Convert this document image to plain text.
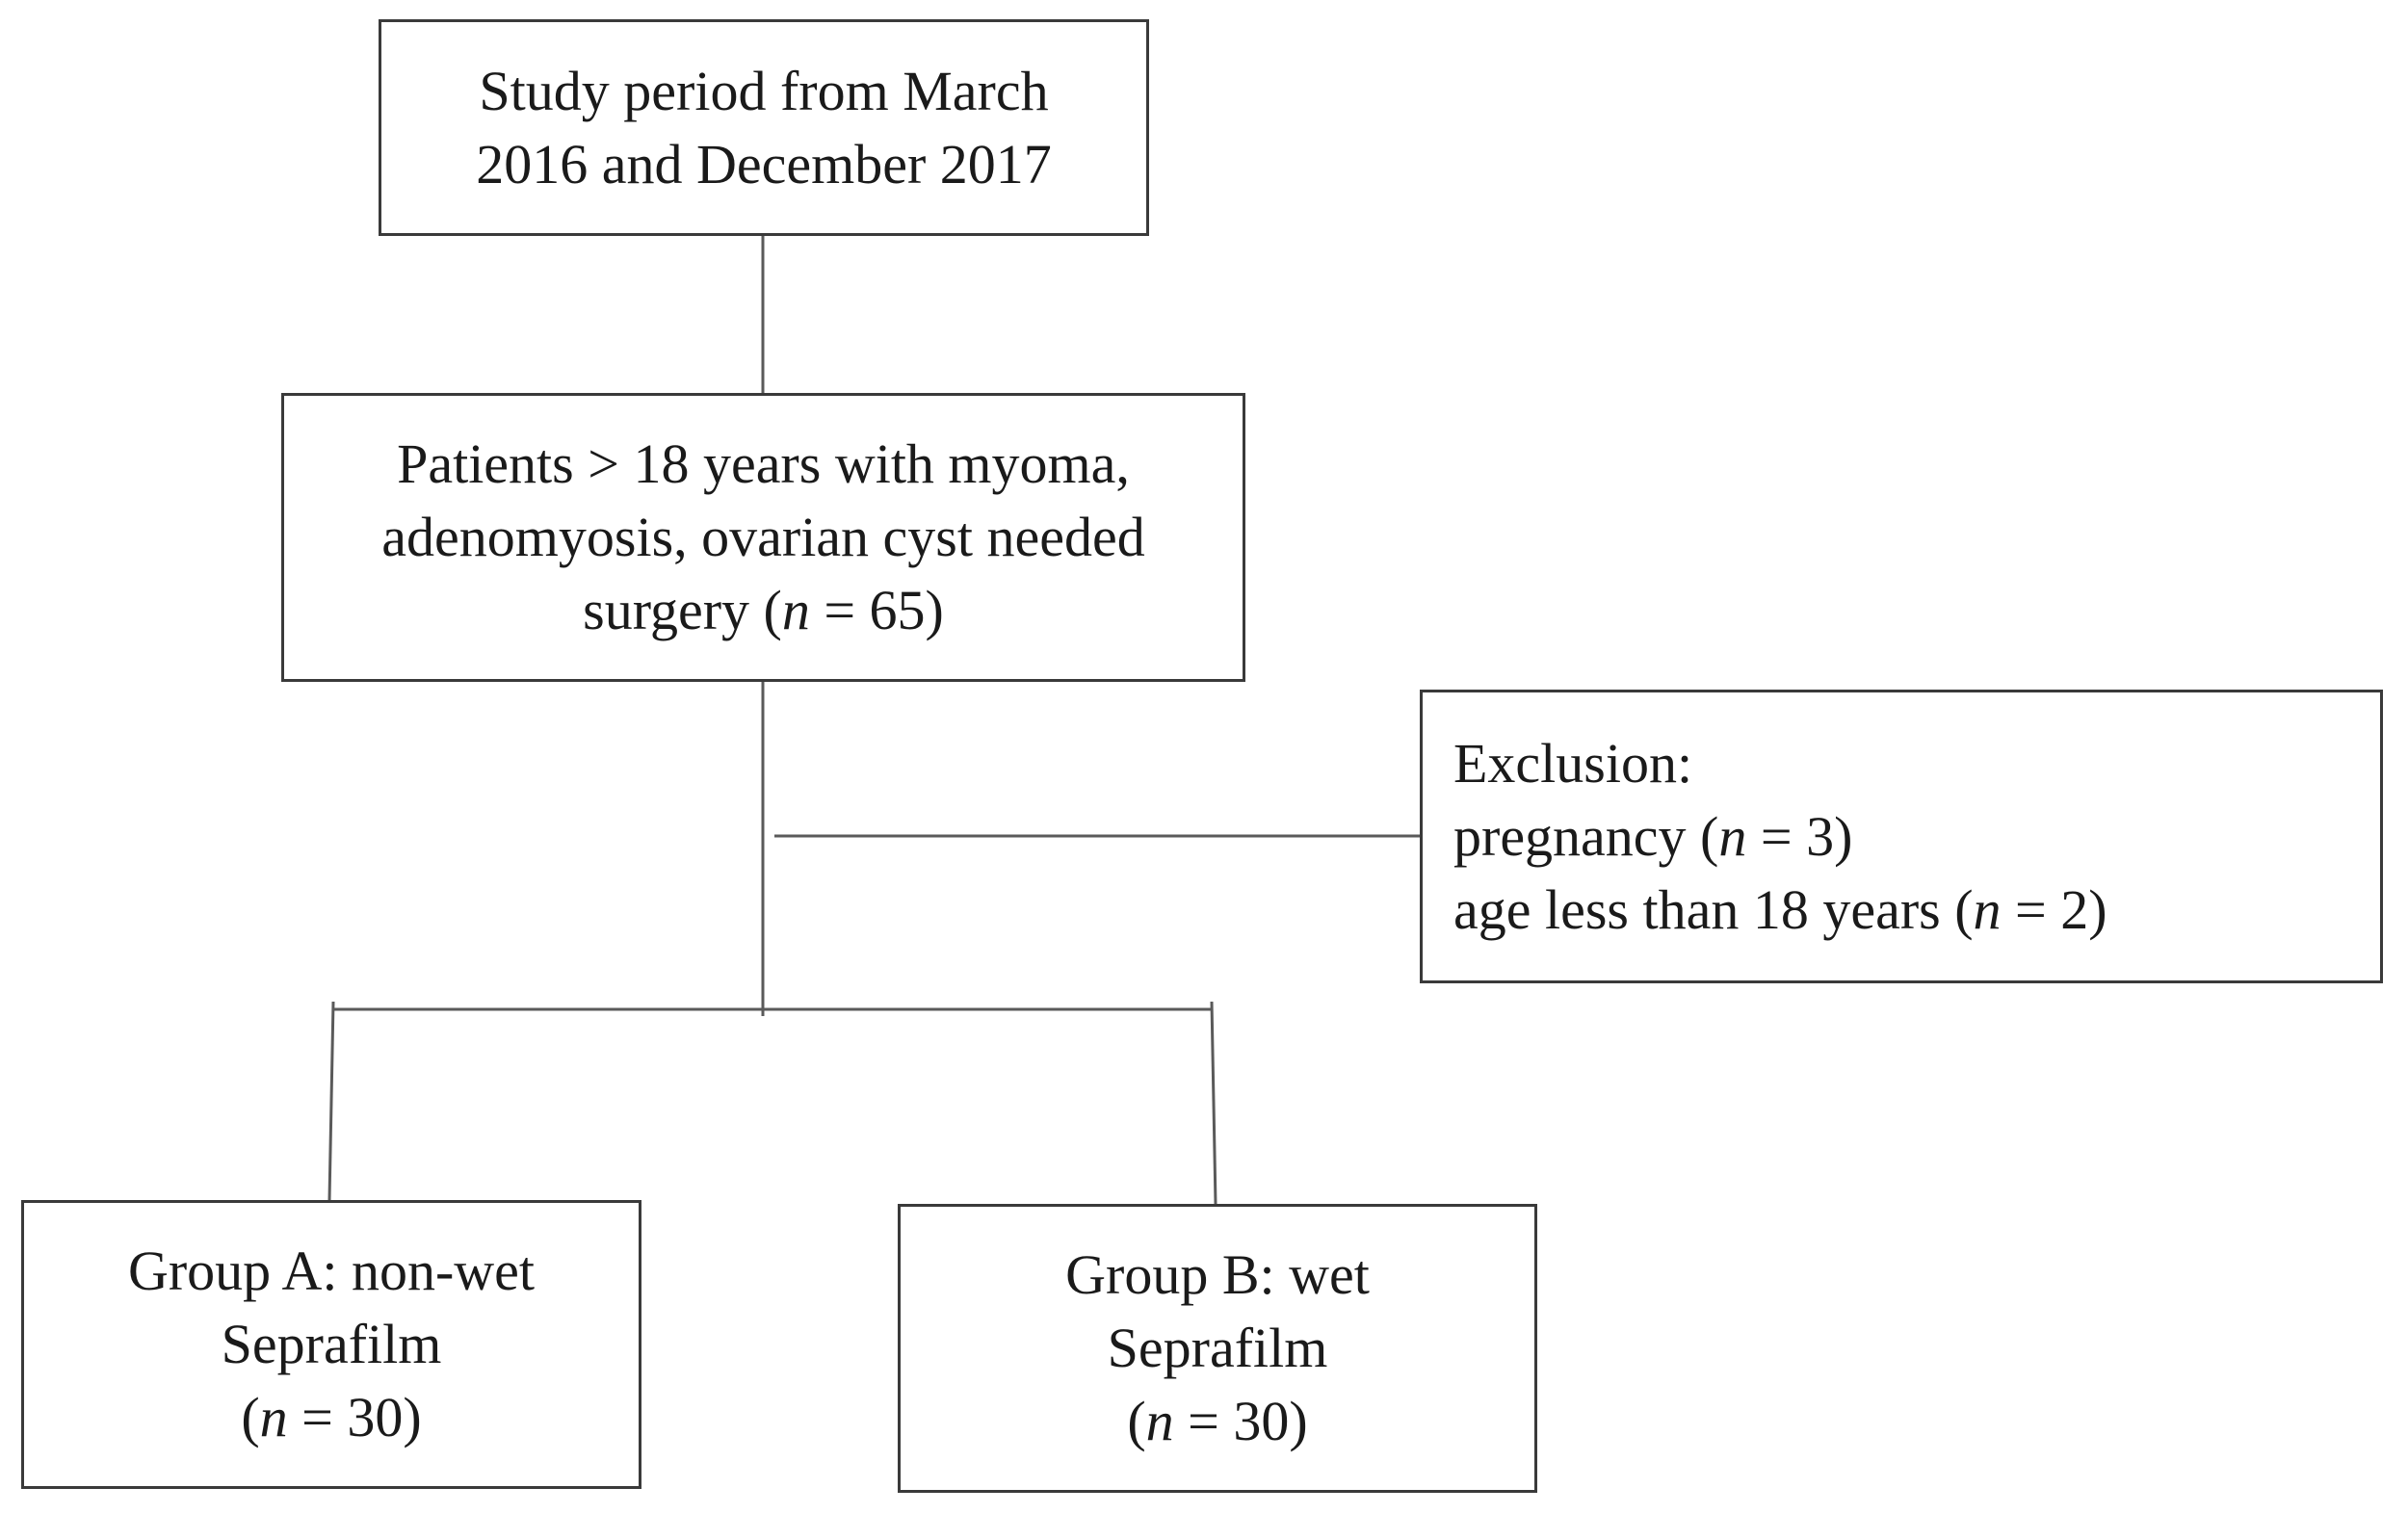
Study period from March
2016 and December 2017
Patients > 18 years with myoma,
adenomyosis, ovarian cyst needed
surgery (n = 65)
Exclusion:
pregnancy (n = 3)
age less than 18 years (n = 2)
Group A: non-wet
Seprafilm
(n = 30)
Group B: wet
Seprafilm
(n = 30)
